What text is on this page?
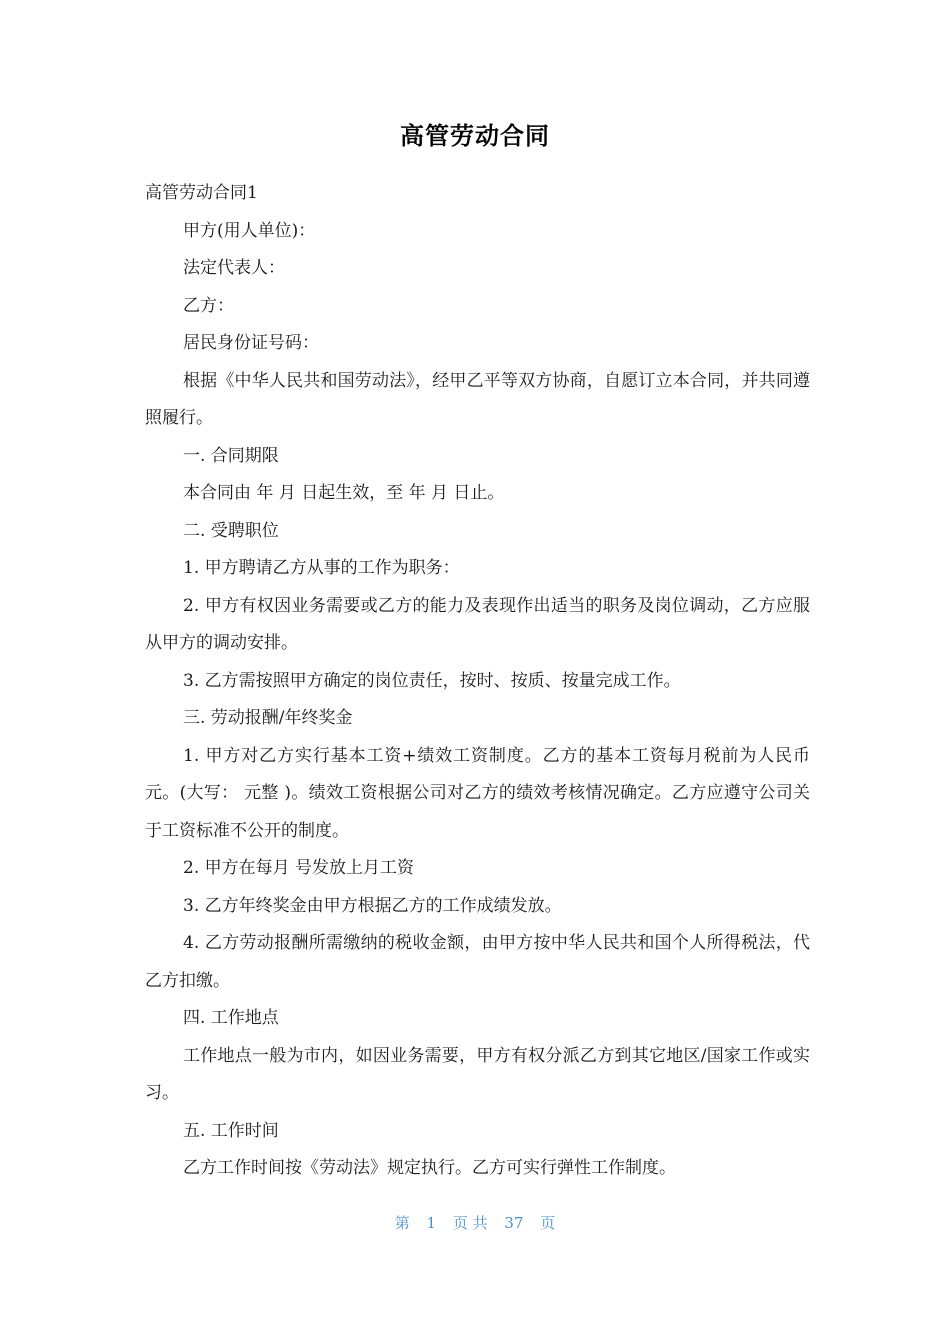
高管劳动合同

高管劳动合同1

甲方(用人单位)：

法定代表人：

乙方：

居民身份证号码：

根据《中华人民共和国劳动法》，经甲乙平等双方协商，自愿订立本合同，并共同遵照履行。

一. 合同期限

本合同由 年 月 日起生效，至 年 月 日止。

二. 受聘职位

1. 甲方聘请乙方从事的工作为职务：

2. 甲方有权因业务需要或乙方的能力及表现作出适当的职务及岗位调动，乙方应服从甲方的调动安排。

3. 乙方需按照甲方确定的岗位责任，按时、按质、按量完成工作。

三. 劳动报酬/年终奖金

1. 甲方对乙方实行基本工资+绩效工资制度。乙方的基本工资每月税前为人民币 元。(大写： 元整 )。绩效工资根据公司对乙方的绩效考核情况确定。乙方应遵守公司关于工资标准不公开的制度。

2. 甲方在每月 号发放上月工资

3. 乙方年终奖金由甲方根据乙方的工作成绩发放。

4. 乙方劳动报酬所需缴纳的税收金额，由甲方按中华人民共和国个人所得税法，代乙方扣缴。

四. 工作地点

工作地点一般为市内，如因业务需要，甲方有权分派乙方到其它地区/国家工作或实习。

五. 工作时间

乙方工作时间按《劳动法》规定执行。乙方可实行弹性工作制度。

第 1 页 共 37 页
